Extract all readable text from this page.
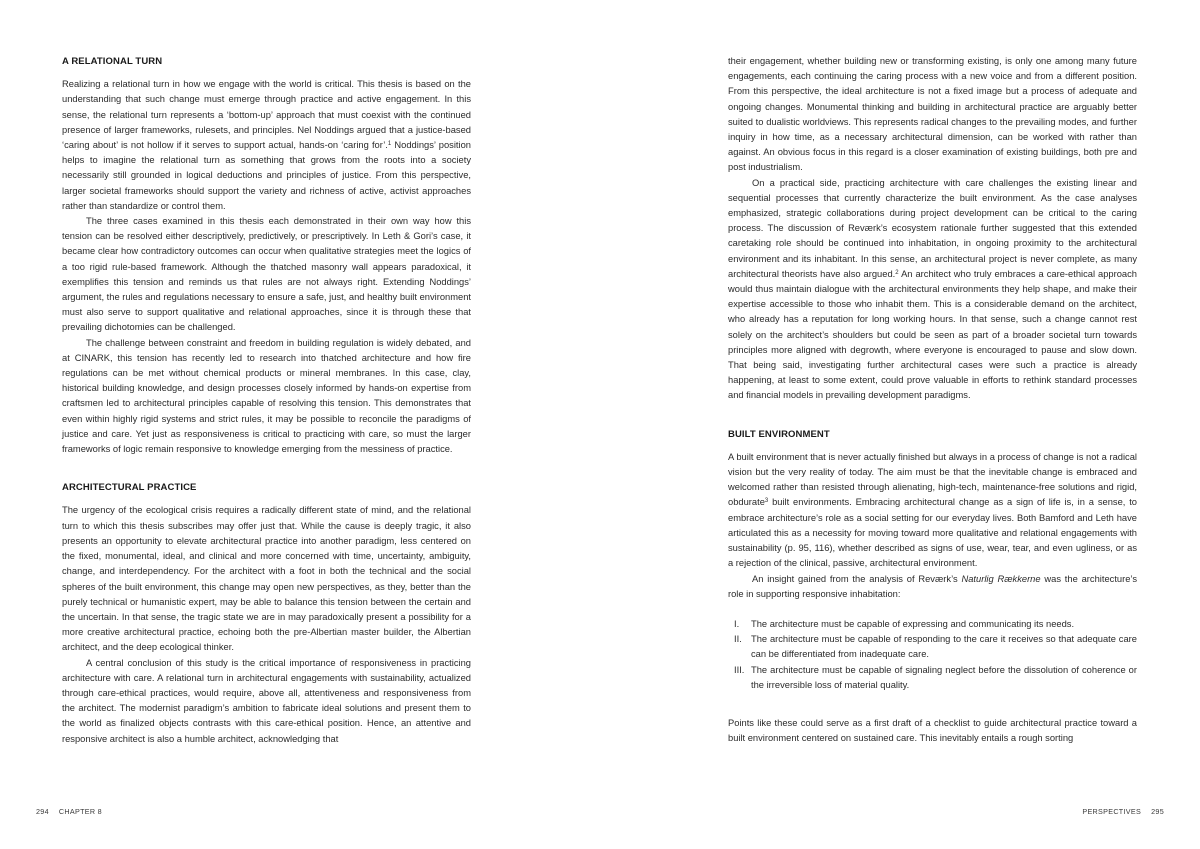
A RELATIONAL TURN

Realizing a relational turn in how we engage with the world is critical. This thesis is based on the understanding that such change must emerge through practice and active engagement. In this sense, the relational turn represents a ‘bottom-up’ approach that must coexist with the continued presence of larger frameworks, rulesets, and principles. Nel Noddings argued that a justice-based ‘caring about’ is not hollow if it serves to support actual, hands-on ‘caring for’.$^1$ Noddings’ position helps to imagine the relational turn as something that grows from the roots into a society necessarily still grounded in logical deductions and principles of justice. From this perspective, larger societal frameworks should support the variety and richness of active, activist approaches rather than standardize or control them.

The three cases examined in this thesis each demonstrated in their own way how this tension can be resolved either descriptively, predictively, or prescriptively. In Leth & Gori’s case, it became clear how contradictory outcomes can occur when qualitative strategies meet the logics of a too rigid rule-based framework. Although the thatched masonry wall appears paradoxical, it exemplifies this tension and reminds us that rules are not always right. Extending Noddings’ argument, the rules and regulations necessary to ensure a safe, just, and healthy built environment must also serve to support qualitative and relational approaches, since it is through these that prevailing dichotomies can be challenged.

The challenge between constraint and freedom in building regulation is widely debated, and at CINARK, this tension has recently led to research into thatched architecture and how fire regulations can be met without chemical products or mineral membranes. In this case, clay, historical building knowledge, and design processes closely informed by hands-on expertise from craftsmen led to architectural principles capable of resolving this tension. This demonstrates that even within highly rigid systems and strict rules, it may be possible to reconcile the paradigms of justice and care. Yet just as responsiveness is critical to practicing with care, so must the larger frameworks of logic remain responsive to knowledge emerging from the messiness of practice.

ARCHITECTURAL PRACTICE

The urgency of the ecological crisis requires a radically different state of mind, and the relational turn to which this thesis subscribes may offer just that. While the cause is deeply tragic, it also presents an opportunity to elevate architectural practice into another paradigm, less centered on the fixed, monumental, ideal, and clinical and more concerned with time, uncertainty, ambiguity, change, and interdependency. For the architect with a foot in both the technical and the social spheres of the built environment, this change may open new perspectives, as they, better than the purely technical or humanistic expert, may be able to balance this tension between the certain and the uncertain. In that sense, the tragic state we are in may paradoxically present a possibility for a more creative architectural practice, echoing both the pre-Albertian master builder, the Albertian architect, and the deep ecological thinker.

A central conclusion of this study is the critical importance of responsiveness in practicing architecture with care. A relational turn in architectural engagements with sustainability, actualized through care-ethical practices, would require, above all, attentiveness and responsiveness from the architect. The modernist paradigm’s ambition to fabricate ideal solutions and present them to the world as finalized objects contrasts with this care-ethical position. Hence, an attentive and responsive architect is also a humble architect, acknowledging that

their engagement, whether building new or transforming existing, is only one among many future engagements, each continuing the caring process with a new voice and from a different position. From this perspective, the ideal architecture is not a fixed image but a process of adequate and ongoing changes. Monumental thinking and building in architectural practice are arguably better suited to dualistic worldviews. This represents radical changes to the prevailing modes, and further inquiry in how time, as a necessary architectural dimension, can be worked with rather than against. An obvious focus in this regard is a closer examination of existing buildings, both pre and post industrialism.

On a practical side, practicing architecture with care challenges the existing linear and sequential processes that currently characterize the built environment. As the case analyses emphasized, strategic collaborations during project development can be critical to the caring process. The discussion of Reværk’s ecosystem rationale further suggested that this extended caretaking role should be continued into inhabitation, in ongoing proximity to the architectural environment and its inhabitant. In this sense, an architectural project is never complete, as many architectural theorists have also argued.$^2$ An architect who truly embraces a care-ethical approach would thus maintain dialogue with the architectural environments they help shape, and make their expertise accessible to those who inhabit them. This is a considerable demand on the architect, who already has a reputation for long working hours. In that sense, such a change cannot rest solely on the architect’s shoulders but could be seen as part of a broader societal turn towards principles more aligned with degrowth, where everyone is encouraged to pause and slow down. That being said, investigating further architectural cases were such a practice is already happening, at least to some extent, could prove valuable in efforts to rethink standard processes and financial models in prevailing development paradigms.

BUILT ENVIRONMENT

A built environment that is never actually finished but always in a process of change is not a radical vision but the very reality of today. The aim must be that the inevitable change is embraced and welcomed rather than resisted through alienating, high-tech, maintenance-free solutions and rigid, obdurate$^3$ built environments. Embracing architectural change as a sign of life is, in a sense, to embrace architecture’s role as a social setting for our everyday lives. Both Bamford and Leth have articulated this as a necessity for moving toward more qualitative and relational engagements with sustainability (p. 95, 116), whether described as signs of use, wear, tear, and even ugliness, or as a rejection of the clinical, passive, architectural environment.

An insight gained from the analysis of Reværk’s Naturlig Rækkerne was the architecture’s role in supporting responsive inhabitation:

I. The architecture must be capable of expressing and communicating its needs.
II. The architecture must be capable of responding to the care it receives so that adequate care can be differentiated from inadequate care.
III. The architecture must be capable of signaling neglect before the dissolution of coherence or the irreversible loss of material quality.

Points like these could serve as a first draft of a checklist to guide architectural practice toward a built environment centered on sustained care. This inevitably entails a rough sorting

294 CHAPTER 8	PERSPECTIVES 295
